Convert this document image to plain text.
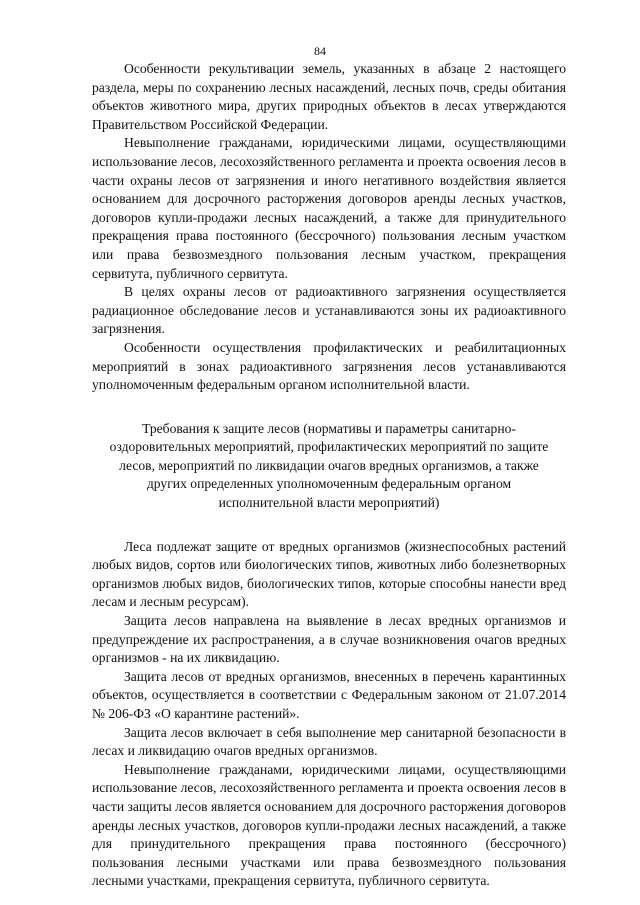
84

Особенности рекультивации земель, указанных в абзаце 2 настоящего раздела, меры по сохранению лесных насаждений, лесных почв, среды обитания объектов животного мира, других природных объектов в лесах утверждаются Правительством Российской Федерации.

Невыполнение гражданами, юридическими лицами, осуществляющими использование лесов, лесохозяйственного регламента и проекта освоения лесов в части охраны лесов от загрязнения и иного негативного воздействия является основанием для досрочного расторжения договоров аренды лесных участков, договоров купли-продажи лесных насаждений, а также для принудительного прекращения права постоянного (бессрочного) пользования лесным участком или права безвозмездного пользования лесным участком, прекращения сервитута, публичного сервитута.

В целях охраны лесов от радиоактивного загрязнения осуществляется радиационное обследование лесов и устанавливаются зоны их радиоактивного загрязнения.

Особенности осуществления профилактических и реабилитационных мероприятий в зонах радиоактивного загрязнения лесов устанавливаются уполномоченным федеральным органом исполнительной власти.

Требования к защите лесов (нормативы и параметры санитарно-оздоровительных мероприятий, профилактических мероприятий по защите лесов, мероприятий по ликвидации очагов вредных организмов, а также других определенных уполномоченным федеральным органом исполнительной власти мероприятий)

Леса подлежат защите от вредных организмов (жизнеспособных растений любых видов, сортов или биологических типов, животных либо болезнетворных организмов любых видов, биологических типов, которые способны нанести вред лесам и лесным ресурсам).

Защита лесов направлена на выявление в лесах вредных организмов и предупреждение их распространения, а в случае возникновения очагов вредных организмов - на их ликвидацию.

Защита лесов от вредных организмов, внесенных в перечень карантинных объектов, осуществляется в соответствии с Федеральным законом от 21.07.2014 № 206-ФЗ «О карантине растений».

Защита лесов включает в себя выполнение мер санитарной безопасности в лесах и ликвидацию очагов вредных организмов.

Невыполнение гражданами, юридическими лицами, осуществляющими использование лесов, лесохозяйственного регламента и проекта освоения лесов в части защиты лесов является основанием для досрочного расторжения договоров аренды лесных участков, договоров купли-продажи лесных насаждений, а также для принудительного прекращения права постоянного (бессрочного) пользования лесными участками или права безвозмездного пользования лесными участками, прекращения сервитута, публичного сервитута.
